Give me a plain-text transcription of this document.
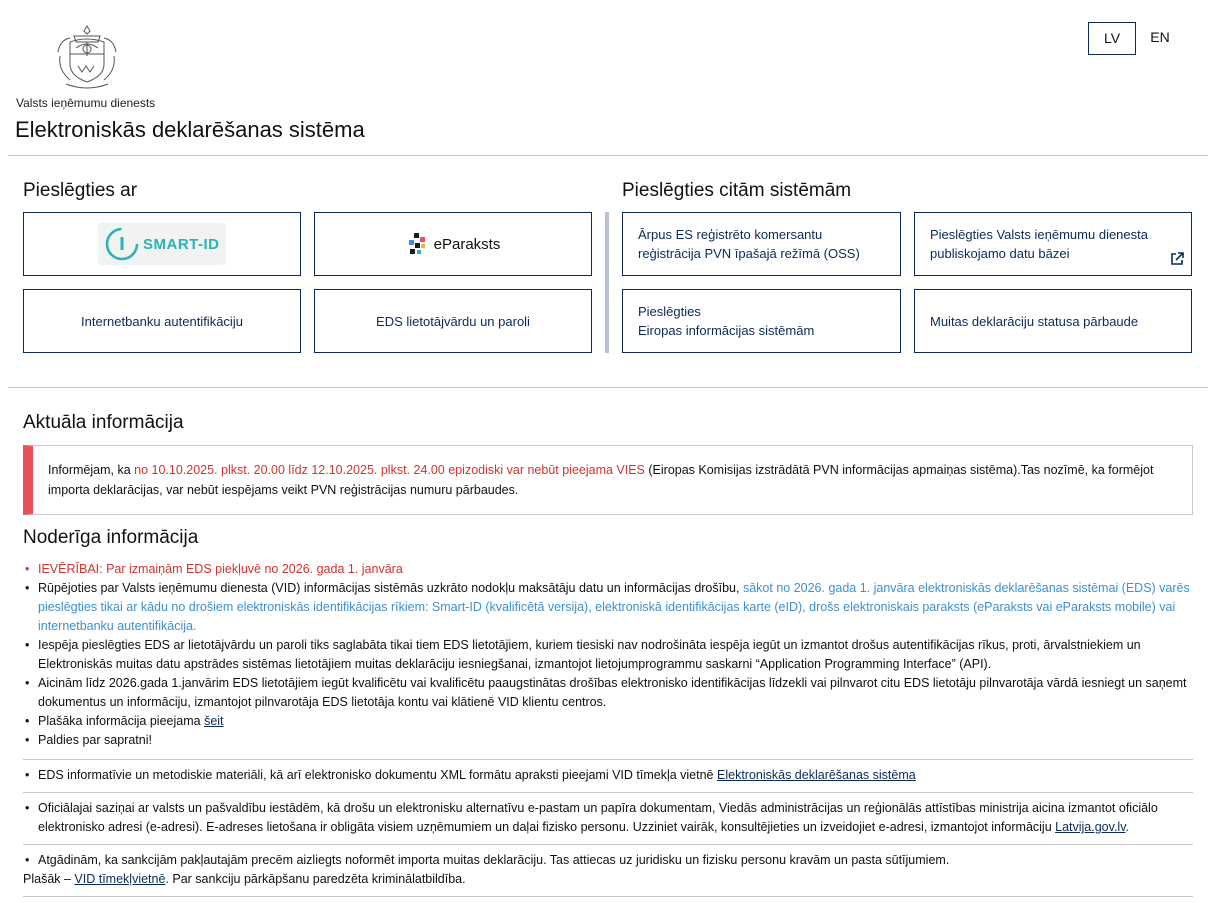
Valsts ieņēmumu dienests
Elektroniskās deklarēšanas sistēma
LV	EN
Pieslēgties ar
SMART-ID	eParaksts
Internetbanku autentifikāciju	EDS lietotājvārdu un paroli
Pieslēgties citām sistēmām
Ārpus ES reģistrēto komersantu reģistrācija PVN īpašajā režīmā (OSS)
Pieslēgties Valsts ieņēmumu dienesta publiskojamo datu bāzei
Pieslēgties
Eiropas informācijas sistēmām
Muitas deklarāciju statusa pārbaude
Aktuāla informācija
Informējam, ka no 10.10.2025. plkst. 20.00 līdz 12.10.2025. plkst. 24.00 epizodiski var nebūt pieejama VIES (Eiropas Komisijas izstrādātā PVN informācijas apmaiņas sistēma).Tas nozīmē, ka formējot importa deklarācijas, var nebūt iespējams veikt PVN reģistrācijas numuru pārbaudes.
Noderīga informācija
• IEVĒRĪBAI: Par izmaiņām EDS piekļuvē no 2026. gada 1. janvāra
• Rūpējoties par Valsts ieņēmumu dienesta (VID) informācijas sistēmās uzkrāto nodokļu maksātāju datu un informācijas drošību, sākot no 2026. gada 1. janvāra elektroniskās deklarēšanas sistēmai (EDS) varēs pieslēgties tikai ar kādu no drošiem elektroniskās identifikācijas rīkiem: Smart-ID (kvalificētā versija), elektroniskā identifikācijas karte (eID), drošs elektroniskais paraksts (eParaksts vai eParaksts mobile) vai internetbanku autentifikācija.
• Iespēja pieslēgties EDS ar lietotājvārdu un paroli tiks saglabāta tikai tiem EDS lietotājiem, kuriem tiesiski nav nodrošināta iespēja iegūt un izmantot drošus autentifikācijas rīkus, proti, ārvalstniekiem un Elektroniskās muitas datu apstrādes sistēmas lietotājiem muitas deklarāciju iesniegšanai, izmantojot lietojumprogrammu saskarni “Application Programming Interface” (API).
• Aicinām līdz 2026.gada 1.janvārim EDS lietotājiem iegūt kvalificētu vai kvalificētu paaugstinātas drošības elektronisko identifikācijas līdzekli vai pilnvarot citu EDS lietotāju pilnvarotāja vārdā iesniegt un saņemt dokumentus un informāciju, izmantojot pilnvarotāja EDS lietotāja kontu vai klātienē VID klientu centros.
• Plašāka informācija pieejama šeit
• Paldies par sapratni!
• EDS informatīvie un metodiskie materiāli, kā arī elektronisko dokumentu XML formātu apraksti pieejami VID tīmekļa vietnē Elektroniskās deklarēšanas sistēma
• Oficiālajai saziņai ar valsts un pašvaldību iestādēm, kā drošu un elektronisku alternatīvu e-pastam un papīra dokumentam, Viedās administrācijas un reģionālās attīstības ministrija aicina izmantot oficiālo elektronisko adresi (e-adresi). E-adreses lietošana ir obligāta visiem uzņēmumiem un daļai fizisko personu. Uzziniet vairāk, konsultējieties un izveidojiet e-adresi, izmantojot informāciju Latvija.gov.lv.
• Atgādinām, ka sankcijām pakļautajām precēm aizliegts noformēt importa muitas deklarāciju. Tas attiecas uz juridisku un fizisku personu kravām un pasta sūtījumiem.
Plašāk – VID tīmekļvietnē. Par sankciju pārkāpšanu paredzēta kriminālatbildība.
